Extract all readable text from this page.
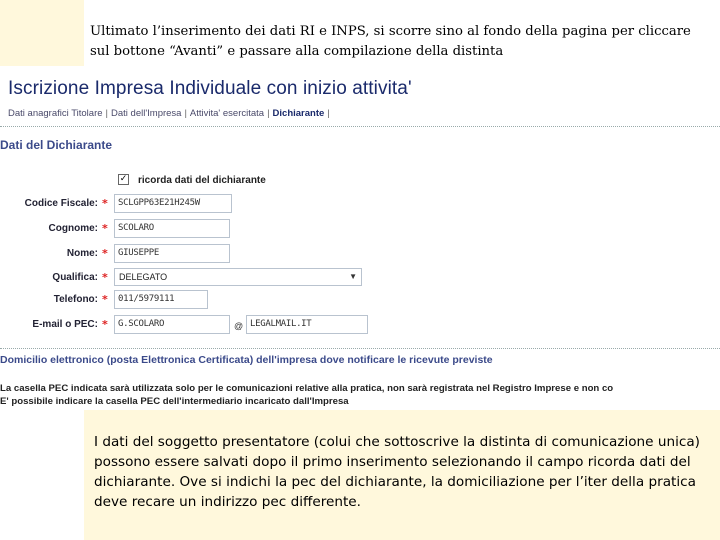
Ultimato l’inserimento dei dati RI e INPS, si scorre sino al fondo della pagina per cliccare sul bottone “Avanti” e passare alla compilazione della distinta

Iscrizione Impresa Individuale con inizio attivita'
Dati anagrafici Titolare | Dati dell'Impresa | Attivita' esercitata | Dichiarante |
Dati del Dichiarante
✓ ricorda dati del dichiarante
Codice Fiscale: *	SCLGPP63E21H245W
Cognome: *	SCOLARO
Nome: *	GIUSEPPE
Qualifica: *	DELEGATO	▼
Telefono: *	011/5979111
E-mail o PEC: *	G.SCOLARO	@ LEGALMAIL.IT
Domicilio elettronico (posta Elettronica Certificata) dell'impresa dove notificare le ricevute previste
La casella PEC indicata sarà utilizzata solo per le comunicazioni relative alla pratica, non sarà registrata nel Registro Imprese e non co
E' possibile indicare la casella PEC dell'intermediario incaricato dall'Impresa

I dati del soggetto presentatore (colui che sottoscrive la distinta di comunicazione unica) possono essere salvati dopo il primo inserimento selezionando il campo ricorda dati del dichiarante. Ove si indichi la pec del dichiarante, la domiciliazione per l’iter della pratica deve recare un indirizzo pec differente.
